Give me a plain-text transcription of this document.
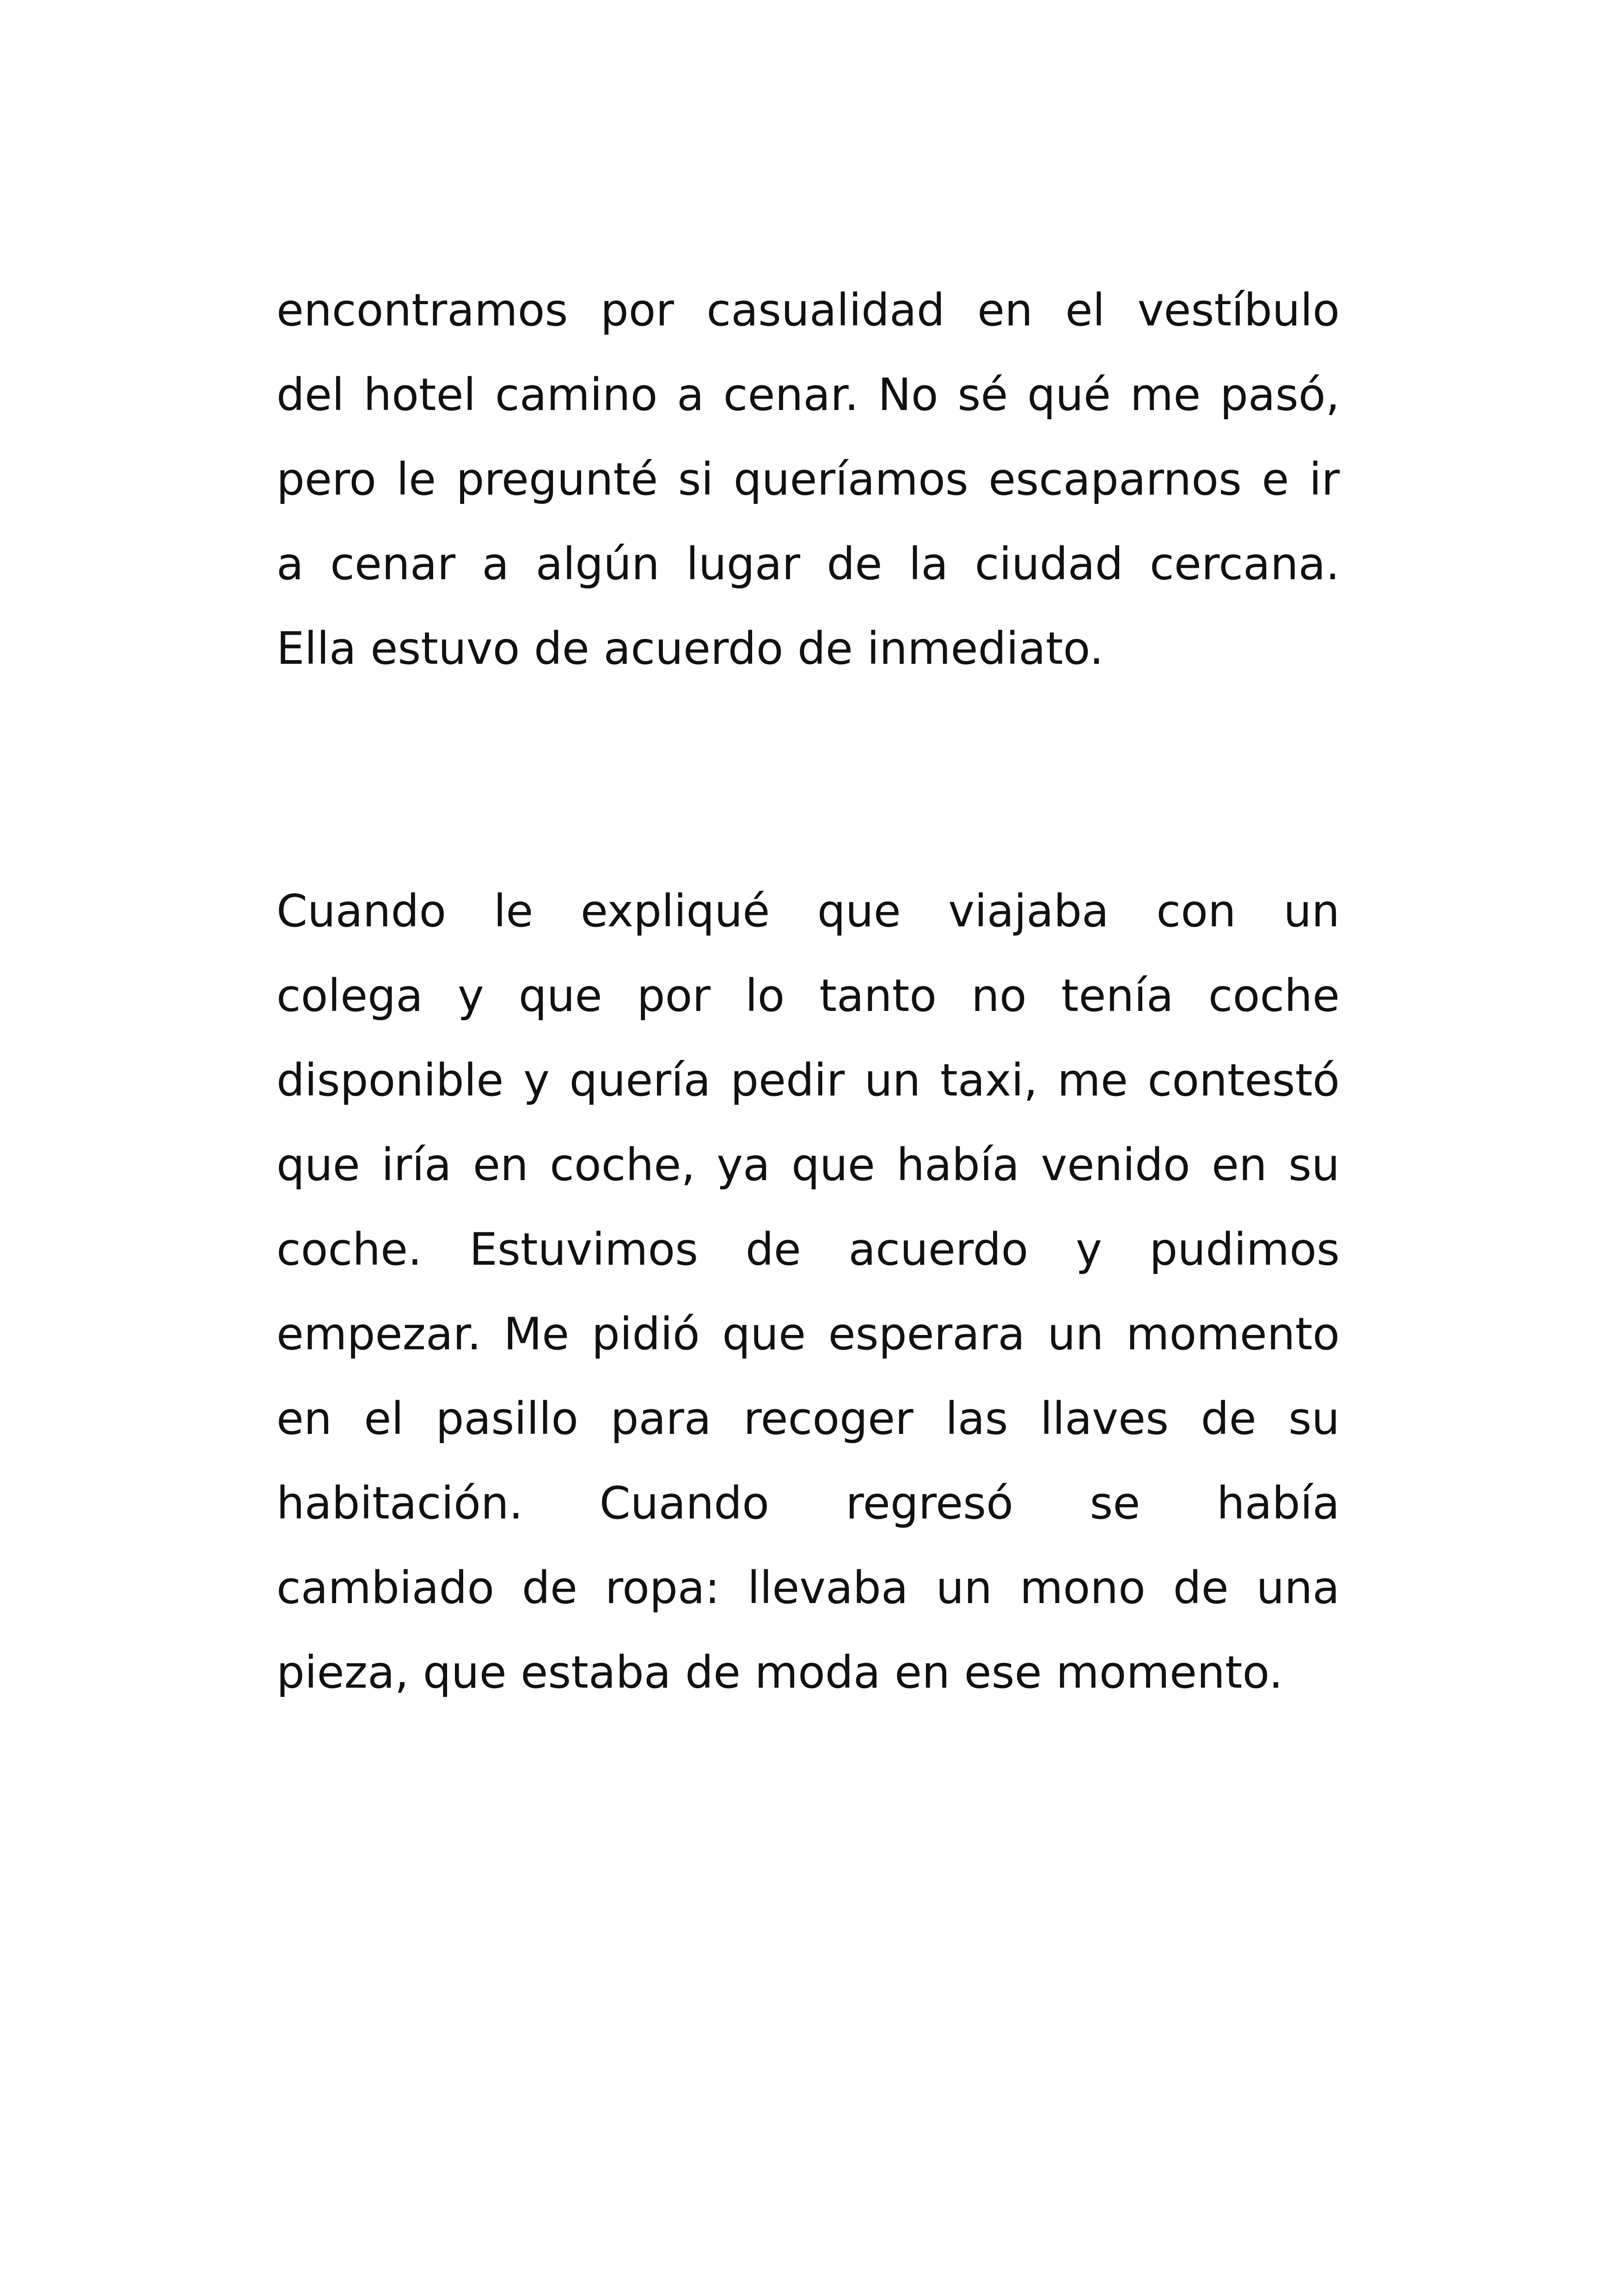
encontramos por casualidad en el vestíbulo
del hotel camino a cenar. No sé qué me pasó,
pero le pregunté si queríamos escaparnos e ir
a cenar a algún lugar de la ciudad cercana.
Ella estuvo de acuerdo de inmediato.
Cuando le expliqué que viajaba con un
colega y que por lo tanto no tenía coche
disponible y quería pedir un taxi, me contestó
que iría en coche, ya que había venido en su
coche. Estuvimos de acuerdo y pudimos
empezar. Me pidió que esperara un momento
en el pasillo para recoger las llaves de su
habitación. Cuando regresó se había
cambiado de ropa: llevaba un mono de una
pieza, que estaba de moda en ese momento.
